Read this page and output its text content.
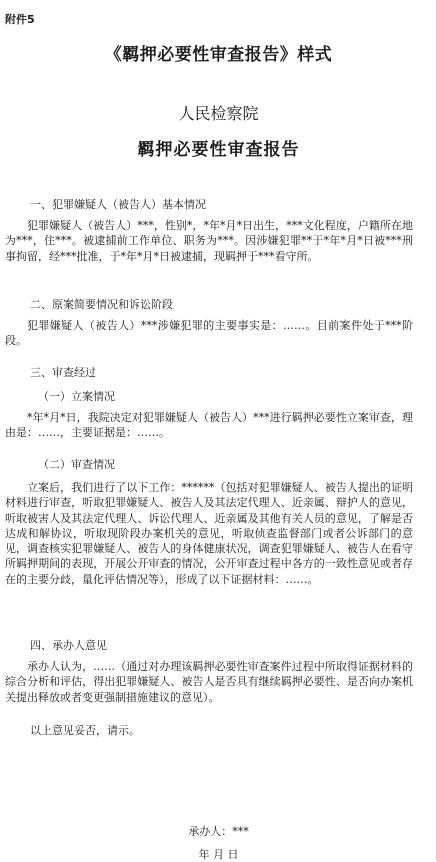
附件5
《羁押必要性审查报告》样式
人民检察院
羁押必要性审查报告
一、犯罪嫌疑人（被告人）基本情况
犯罪嫌疑人（被告人）***，性别*，*年*月*日出生，***文化程度，户籍所在地为***，住***。被逮捕前工作单位、职务为***。因涉嫌犯罪**于*年*月*日被***刑事拘留，经***批准，于*年*月*日被逮捕，现羁押于***看守所。
二、原案简要情况和诉讼阶段
犯罪嫌疑人（被告人）***涉嫌犯罪的主要事实是：……。目前案件处于***阶段。
三、审查经过
（一）立案情况
*年*月*日，我院决定对犯罪嫌疑人（被告人）***进行羁押必要性立案审查，理由是：……，主要证据是：……。
（二）审查情况
立案后，我们进行了以下工作：******（包括对犯罪嫌疑人、被告人提出的证明材料进行审查，听取犯罪嫌疑人、被告人及其法定代理人、近亲属、辩护人的意见，听取被害人及其法定代理人、诉讼代理人、近亲属及其他有关人员的意见，了解是否达成和解协议，听取现阶段办案机关的意见，听取侦查监督部门或者公诉部门的意见，调查核实犯罪嫌疑人、被告人的身体健康状况，调查犯罪嫌疑人、被告人在看守所羁押期间的表现，开展公开审查的情况，公开审查过程中各方的一致性意见或者存在的主要分歧，量化评估情况等），形成了以下证据材料：……。
四、承办人意见
承办人认为，……（通过对办理该羁押必要性审查案件过程中所取得证据材料的综合分析和评估，得出犯罪嫌疑人、被告人是否具有继续羁押必要性、是否向办案机关提出释放或者变更强制措施建议的意见）。
以上意见妥否，请示。
承办人：***
年 月 日
